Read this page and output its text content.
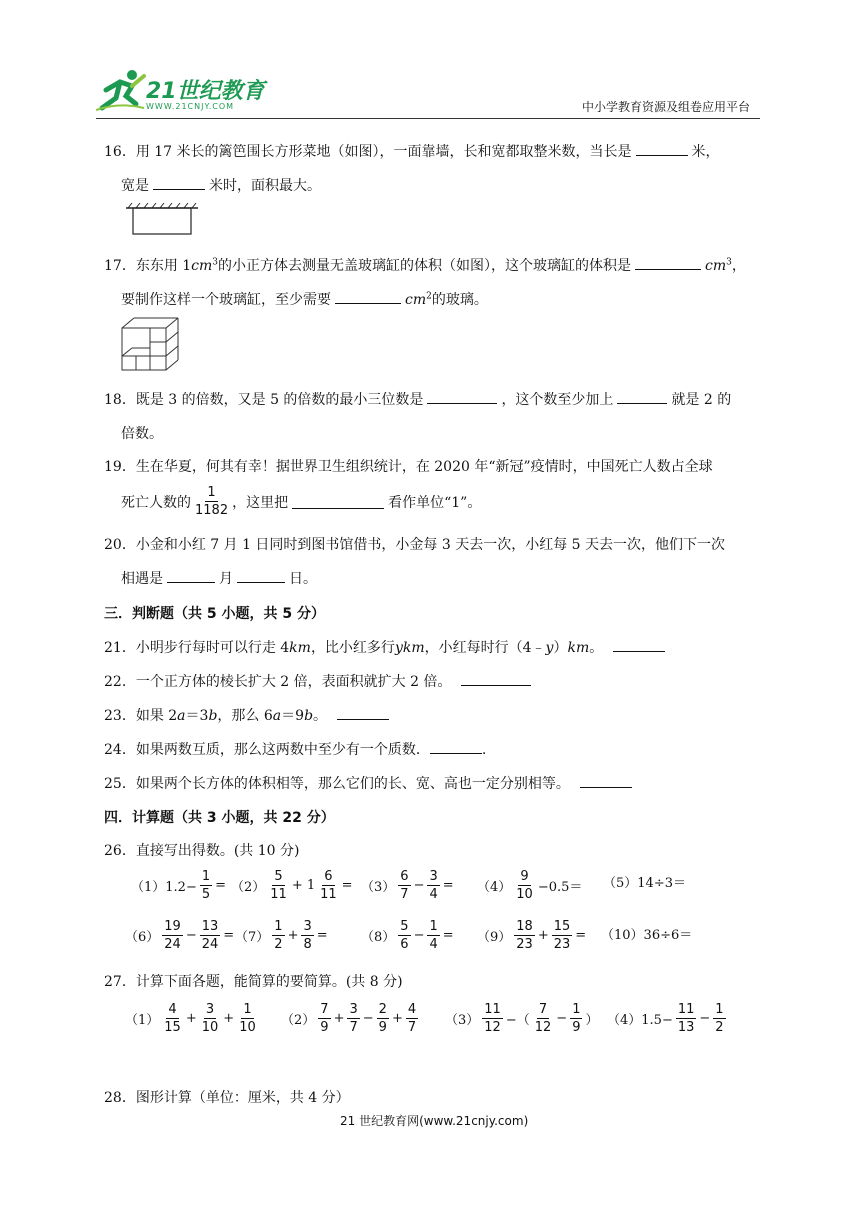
21世纪教育
WWW.21CNJY.COM	中小学教育资源及组卷应用平台
16．用 17 米长的篱笆围长方形菜地（如图），一面靠墙，长和宽都取整米数，当长是	米，
宽是	米时，面积最大。
17．东东用 $1cm^3$的小正方体去测量无盖玻璃缸的体积（如图），这个玻璃缸的体积是	$cm^3$，
要制作这样一个玻璃缸，至少需要	$cm^2$的玻璃。
18．既是 3 的倍数，又是 5 的倍数的最小三位数是	，这个数至少加上	就是 2 的
倍数。
19．生在华夏，何其有幸！据世界卫生组织统计，在 2020 年“新冠”疫情时，中国死亡人数占全球
死亡人数的 $\frac{1}{1182}$ ，这里把	看作单位“1”。
20．小金和小红 7 月 1 日同时到图书馆借书，小金每 3 天去一次，小红每 5 天去一次，他们下一次
相遇是	月	日。
三．判断题（共 5 小题，共 5 分）
21．小明步行每时可以行走 4km，比小红多行ykm，小红每时行（4﹣y）km。
22．一个正方体的棱长扩大 2 倍，表面积就扩大 2 倍。
23．如果 2a＝3b，那么 6a＝9b。
24．如果两数互质，那么这两数中至少有一个质数．	.
25．如果两个长方体的体积相等，那么它们的长、宽、高也一定分别相等。
四．计算题（共 3 小题，共 22 分）
26．直接写出得数。(共 10 分)
$(1)1.2- \frac{1}{5} = (2) \frac{5}{11} + 1 \frac{6}{11} = (3) \frac{6}{7} - \frac{3}{4} = (4) \frac{9}{10} -0.5= (5)14\div 3=$
$(6) \frac{19}{24} - \frac{13}{24} = (7) \frac{1}{2} + \frac{3}{8}$ =	$(8) \frac{5}{6} - \frac{1}{4} = (9) \frac{18}{23} + \frac{15}{23} = (10)36\div 6=$
27．计算下面各题，能简算的要简算。(共 8 分)
$(1) \frac{4}{15} + \frac{3}{10} + \frac{1}{10} (2) \frac{7}{9} + \frac{3}{7} - \frac{2}{9} + \frac{4}{7} (3) \frac{11}{12}$ −（ $\frac{7}{12} - \frac{1}{9}$ ） $(4)1.5- \frac{11}{13} - \frac{1}{2}$
28．图形计算（单位：厘米，共 4 分）
21 世纪教育网(www.21cnjy.com)
